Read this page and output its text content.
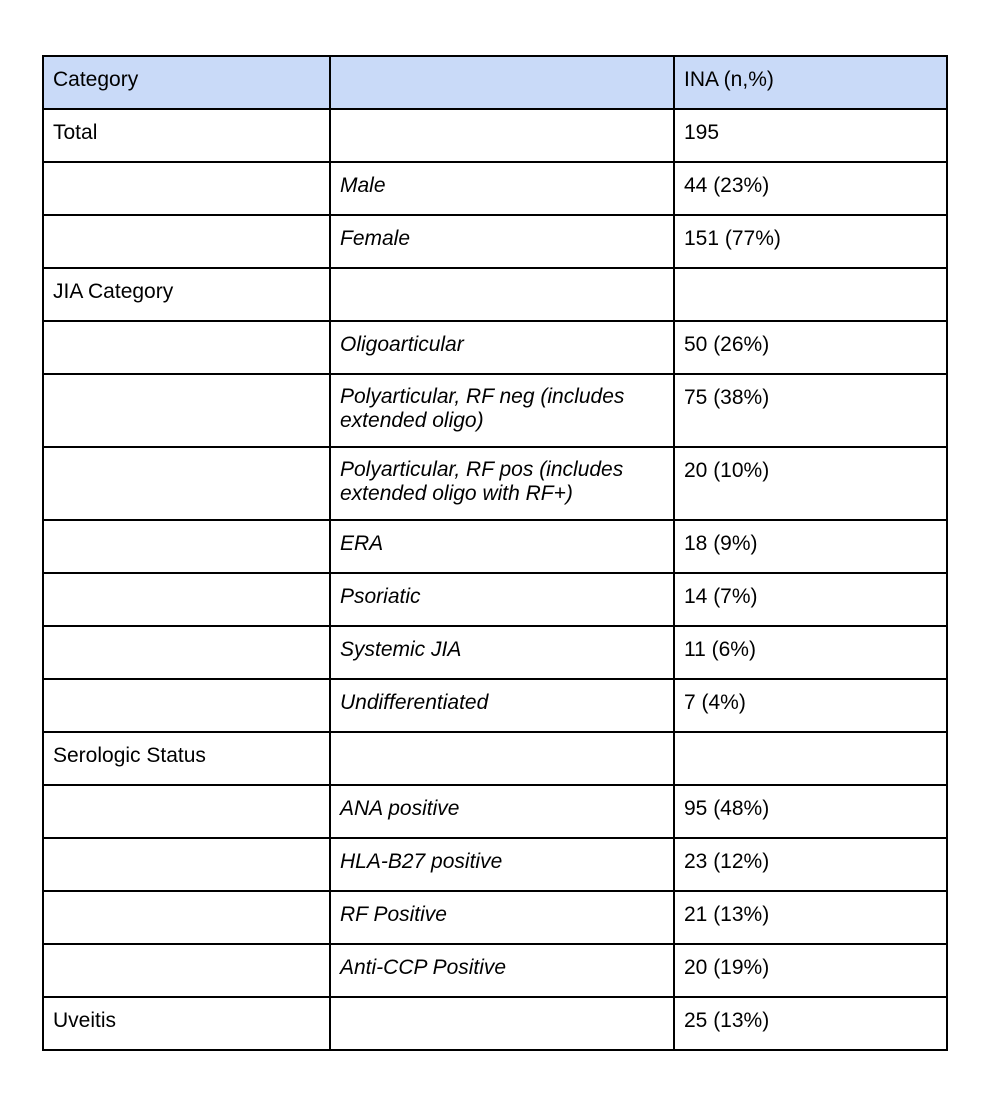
Category		INA (n,%)
Total		195
	Male	44 (23%)
	Female	151 (77%)
JIA Category		
	Oligoarticular	50 (26%)
	Polyarticular, RF neg (includes extended oligo)	75 (38%)
	Polyarticular, RF pos (includes extended oligo with RF+)	20 (10%)
	ERA	18 (9%)
	Psoriatic	14 (7%)
	Systemic JIA	11 (6%)
	Undifferentiated	7 (4%)
Serologic Status		
	ANA positive	95 (48%)
	HLA-B27 positive	23 (12%)
	RF Positive	21 (13%)
	Anti-CCP Positive	20 (19%)
Uveitis		25 (13%)
